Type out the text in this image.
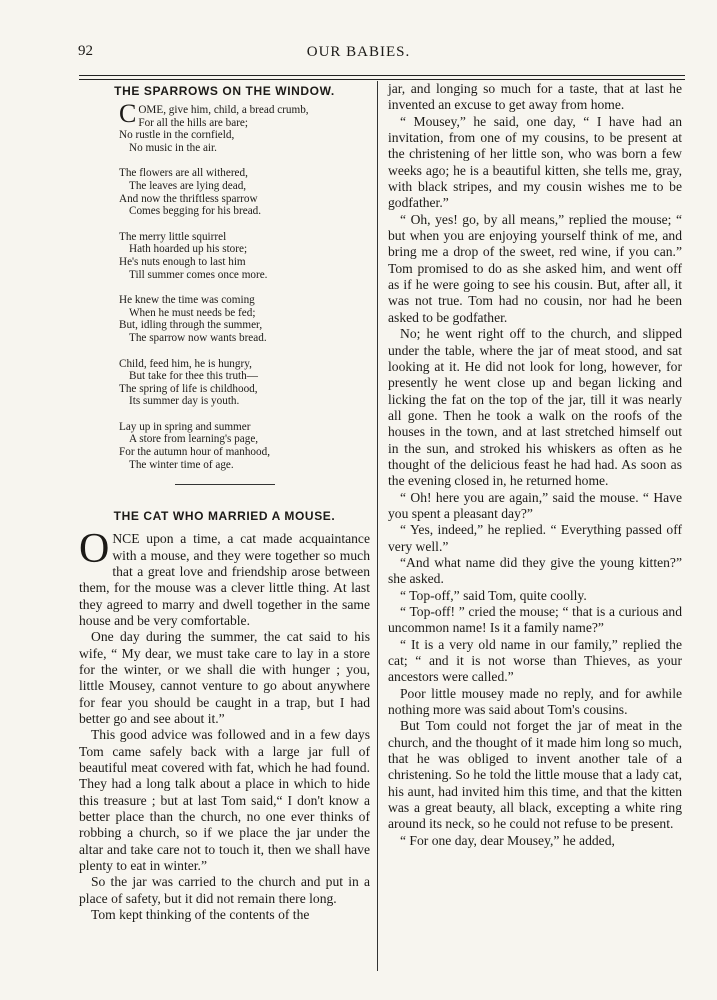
92	OUR BABIES.
THE SPARROWS ON THE WINDOW.
C OME, give him, child, a bread crumb,
For all the hills are bare;
No rustle in the cornfield,
No music in the air.
The flowers are all withered,
The leaves are lying dead,
And now the thriftless sparrow
Comes begging for his bread.
The merry little squirrel
Hath hoarded up his store;
He's nuts enough to last him
Till summer comes once more.
He knew the time was coming
When he must needs be fed;
But, idling through the summer,
The sparrow now wants bread.
Child, feed him, he is hungry,
But take for thee this truth—
The spring of life is childhood,
Its summer day is youth.
Lay up in spring and summer
A store from learning's page,
For the autumn hour of manhood,
The winter time of age.
THE CAT WHO MARRIED A MOUSE.

ONCE upon a time, a cat made acquaintance with a mouse, and they were together so much that a great love and friendship arose between them, for the mouse was a clever little thing. At last they agreed to marry and dwell together in the same house and be very comfortable.

One day during the summer, the cat said to his wife, “ My dear, we must take care to lay in a store for the winter, or we shall die with hunger ; you, little Mousey, cannot venture to go about anywhere for fear you should be caught in a trap, but I had better go and see about it.”

This good advice was followed and in a few days Tom came safely back with a large jar full of beautiful meat covered with fat, which he had found. They had a long talk about a place in which to hide this treasure ; but at last Tom said,“ I don't know a better place than the church, no one ever thinks of robbing a church, so if we place the jar under the altar and take care not to touch it, then we shall have plenty to eat in winter.”

So the jar was carried to the church and put in a place of safety, but it did not remain there long.

Tom kept thinking of the contents of the

jar, and longing so much for a taste, that at last he invented an excuse to get away from home.

“ Mousey,” he said, one day, “ I have had an invitation, from one of my cousins, to be present at the christening of her little son, who was born a few weeks ago; he is a beautiful kitten, she tells me, gray, with black stripes, and my cousin wishes me to be godfather.”

“ Oh, yes! go, by all means,” replied the mouse; “ but when you are enjoying yourself think of me, and bring me a drop of the sweet, red wine, if you can.” Tom promised to do as she asked him, and went off as if he were going to see his cousin. But, after all, it was not true. Tom had no cousin, nor had he been asked to be godfather.

No; he went right off to the church, and slipped under the table, where the jar of meat stood, and sat looking at it. He did not look for long, however, for presently he went close up and began licking and licking the fat on the top of the jar, till it was nearly all gone. Then he took a walk on the roofs of the houses in the town, and at last stretched himself out in the sun, and stroked his whiskers as often as he thought of the delicious feast he had had. As soon as the evening closed in, he returned home.

“ Oh! here you are again,” said the mouse. “ Have you spent a pleasant day?”

“ Yes, indeed,” he replied. “ Everything passed off very well.”

“And what name did they give the young kitten?” she asked.

“ Top-off,” said Tom, quite coolly.

“ Top-off! ” cried the mouse; “ that is a curious and uncommon name! Is it a family name?”

“ It is a very old name in our family,” replied the cat; “ and it is not worse than Thieves, as your ancestors were called.”

Poor little mousey made no reply, and for awhile nothing more was said about Tom's cousins.

But Tom could not forget the jar of meat in the church, and the thought of it made him long so much, that he was obliged to invent another tale of a christening. So he told the little mouse that a lady cat, his aunt, had invited him this time, and that the kitten was a great beauty, all black, excepting a white ring around its neck, so he could not refuse to be present.

“ For one day, dear Mousey,” he added,
